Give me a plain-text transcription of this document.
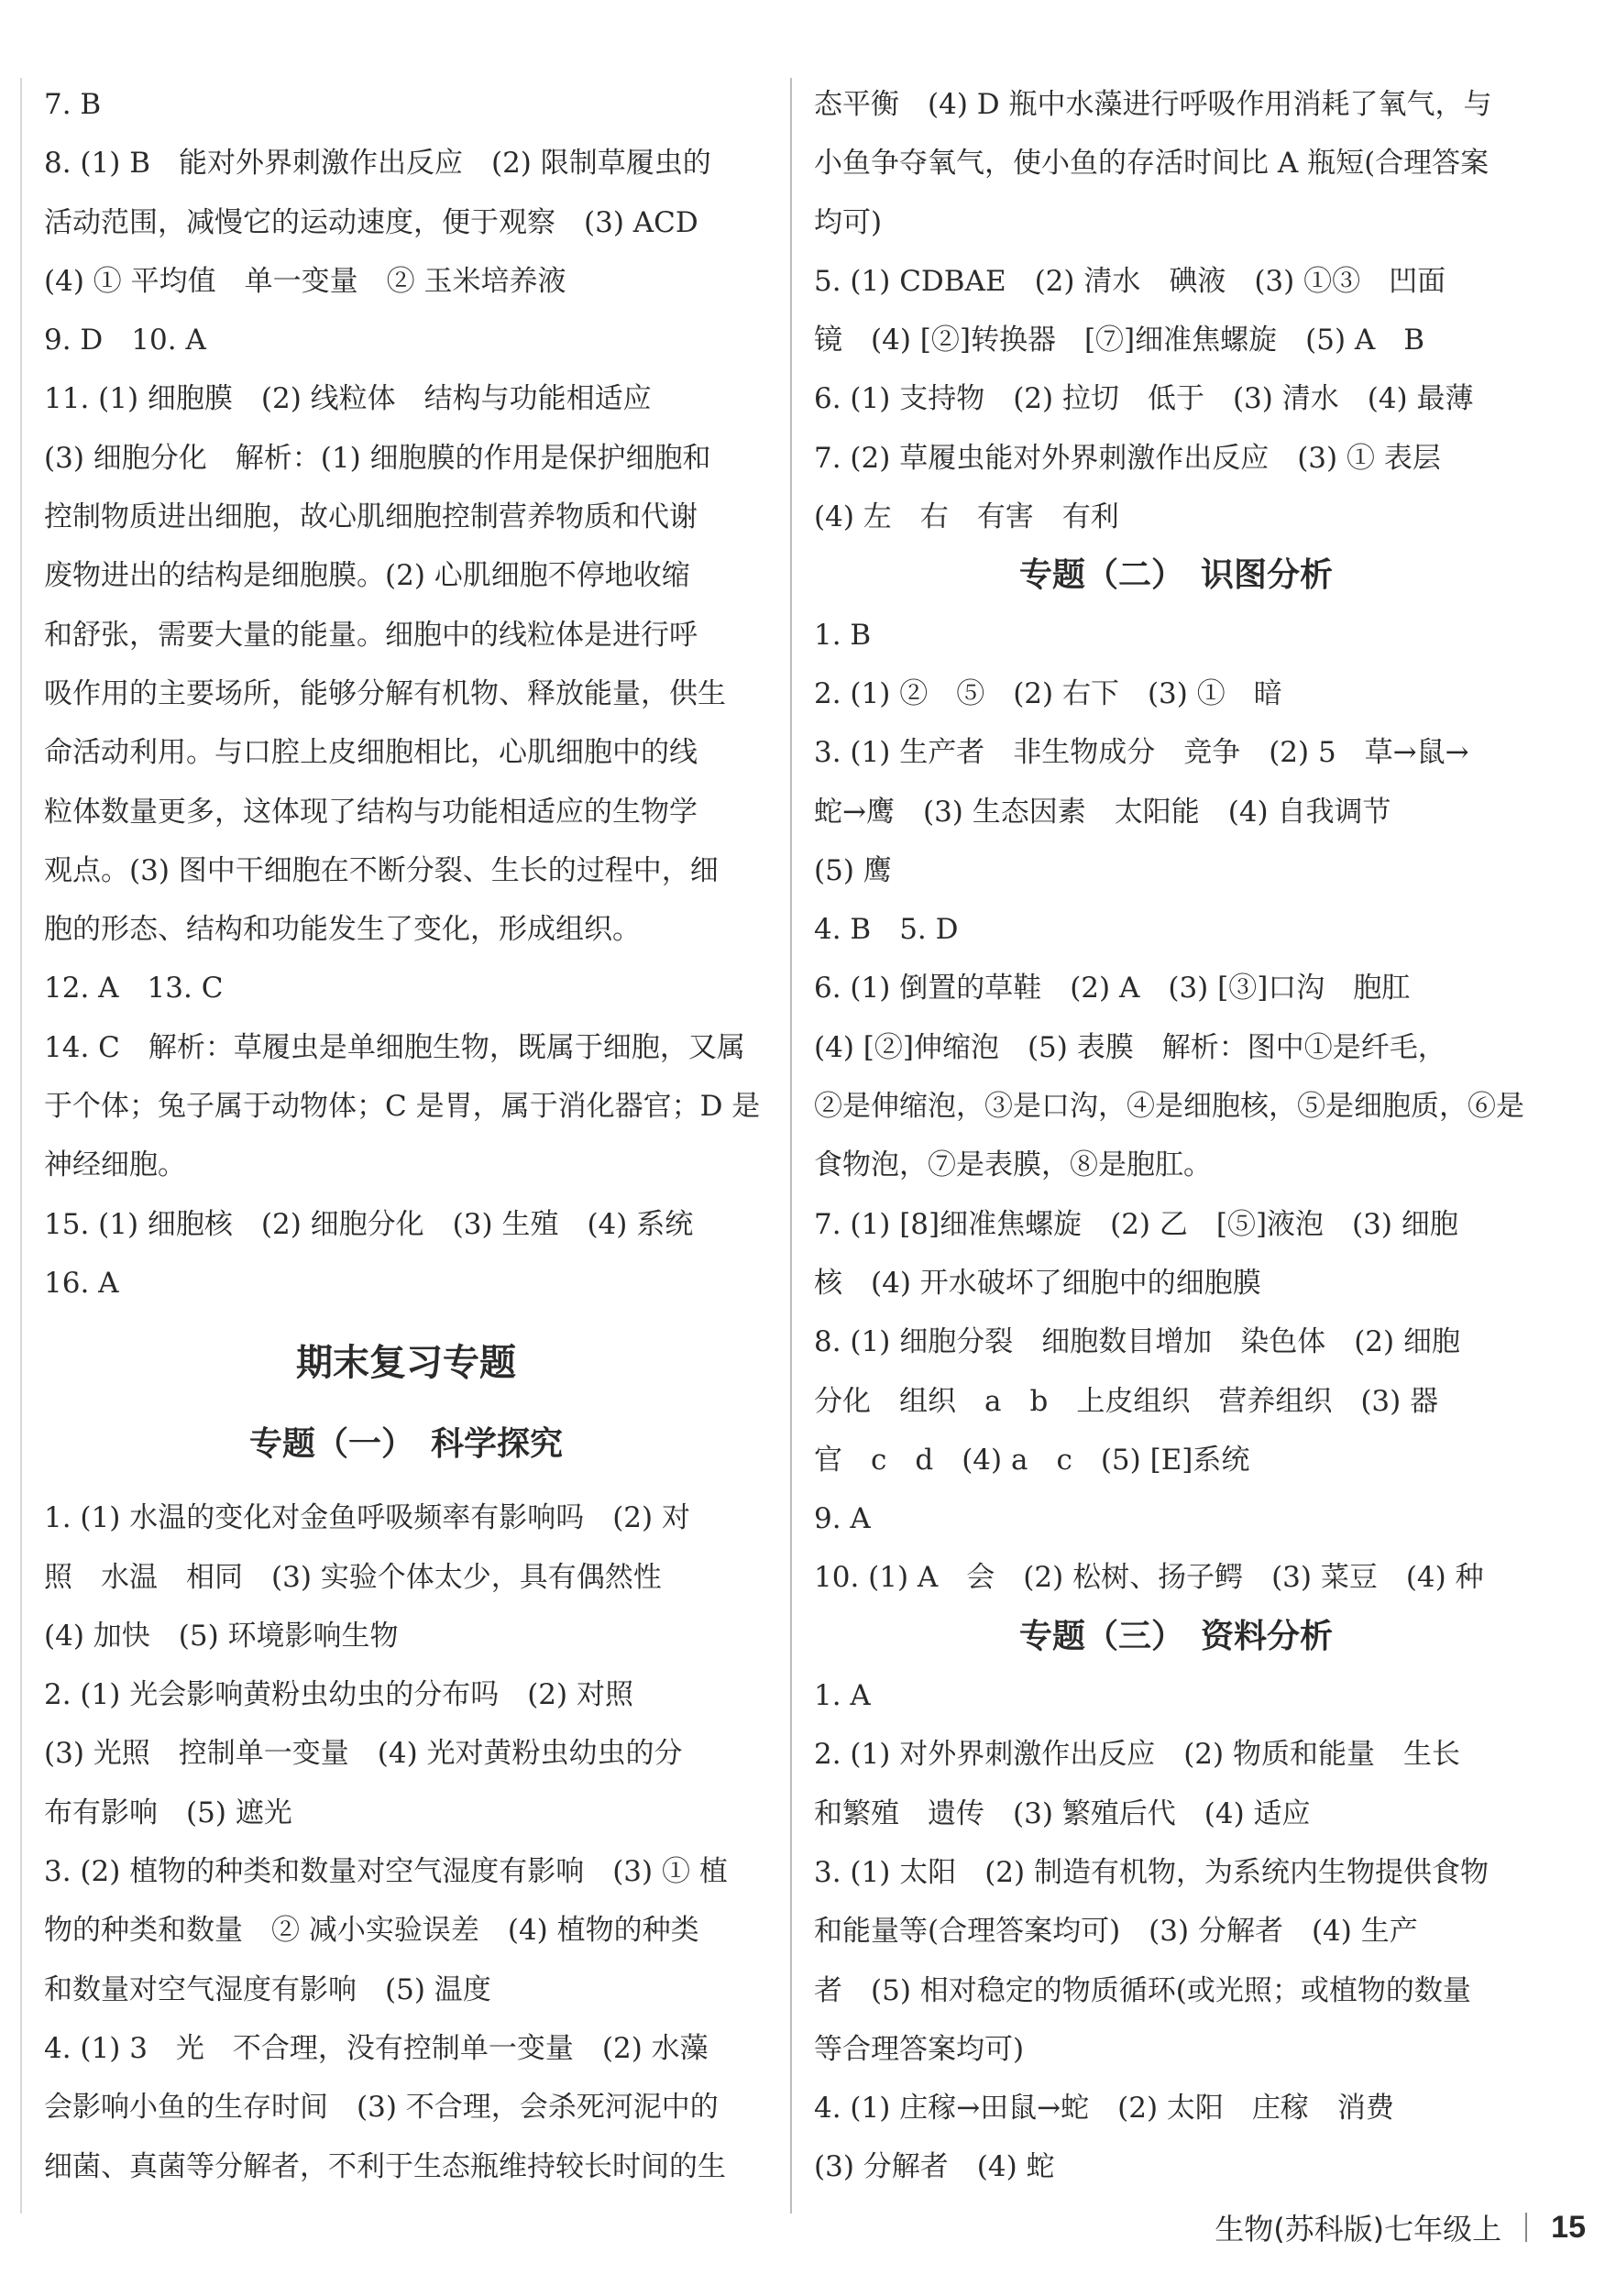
7. B
8. (1) B　能对外界刺激作出反应　(2) 限制草履虫的
活动范围，减慢它的运动速度，便于观察　(3) ACD
(4) ① 平均值　单一变量　② 玉米培养液
9. D　10. A
11. (1) 细胞膜　(2) 线粒体　结构与功能相适应
(3) 细胞分化　解析：(1) 细胞膜的作用是保护细胞和
控制物质进出细胞，故心肌细胞控制营养物质和代谢
废物进出的结构是细胞膜。(2) 心肌细胞不停地收缩
和舒张，需要大量的能量。细胞中的线粒体是进行呼
吸作用的主要场所，能够分解有机物、释放能量，供生
命活动利用。与口腔上皮细胞相比，心肌细胞中的线
粒体数量更多，这体现了结构与功能相适应的生物学
观点。(3) 图中干细胞在不断分裂、生长的过程中，细
胞的形态、结构和功能发生了变化，形成组织。
12. A　13. C
14. C　解析：草履虫是单细胞生物，既属于细胞，又属
于个体；兔子属于动物体；C 是胃，属于消化器官；D 是
神经细胞。
15. (1) 细胞核　(2) 细胞分化　(3) 生殖　(4) 系统
16. A
期末复习专题
专题（一）　科学探究
1. (1) 水温的变化对金鱼呼吸频率有影响吗　(2) 对
照　水温　相同　(3) 实验个体太少，具有偶然性
(4) 加快　(5) 环境影响生物
2. (1) 光会影响黄粉虫幼虫的分布吗　(2) 对照
(3) 光照　控制单一变量　(4) 光对黄粉虫幼虫的分
布有影响　(5) 遮光
3. (2) 植物的种类和数量对空气湿度有影响　(3) ① 植
物的种类和数量　② 减小实验误差　(4) 植物的种类
和数量对空气湿度有影响　(5) 温度
4. (1) 3　光　不合理，没有控制单一变量　(2) 水藻
会影响小鱼的生存时间　(3) 不合理，会杀死河泥中的
细菌、真菌等分解者，不利于生态瓶维持较长时间的生
态平衡　(4) D 瓶中水藻进行呼吸作用消耗了氧气，与
小鱼争夺氧气，使小鱼的存活时间比 A 瓶短(合理答案
均可)
5. (1) CDBAE　(2) 清水　碘液　(3) ①③　凹面
镜　(4) [②]转换器　[⑦]细准焦螺旋　(5) A　B
6. (1) 支持物　(2) 拉切　低于　(3) 清水　(4) 最薄
7. (2) 草履虫能对外界刺激作出反应　(3) ① 表层
(4) 左　右　有害　有利
专题（二）　识图分析
1. B
2. (1) ②　⑤　(2) 右下　(3) ①　暗
3. (1) 生产者　非生物成分　竞争　(2) 5　草→鼠→
蛇→鹰　(3) 生态因素　太阳能　(4) 自我调节
(5) 鹰
4. B　5. D
6. (1) 倒置的草鞋　(2) A　(3) [③]口沟　胞肛
(4) [②]伸缩泡　(5) 表膜　解析：图中①是纤毛，
②是伸缩泡，③是口沟，④是细胞核，⑤是细胞质，⑥是
食物泡，⑦是表膜，⑧是胞肛。
7. (1) [8]细准焦螺旋　(2) 乙　[⑤]液泡　(3) 细胞
核　(4) 开水破坏了细胞中的细胞膜
8. (1) 细胞分裂　细胞数目增加　染色体　(2) 细胞
分化　组织　a　b　上皮组织　营养组织　(3) 器
官　c　d　(4) a　c　(5) [E]系统
9. A
10. (1) A　会　(2) 松树、扬子鳄　(3) 菜豆　(4) 种
专题（三）　资料分析
1. A
2. (1) 对外界刺激作出反应　(2) 物质和能量　生长
和繁殖　遗传　(3) 繁殖后代　(4) 适应
3. (1) 太阳　(2) 制造有机物，为系统内生物提供食物
和能量等(合理答案均可)　(3) 分解者　(4) 生产
者　(5) 相对稳定的物质循环(或光照；或植物的数量
等合理答案均可)
4. (1) 庄稼→田鼠→蛇　(2) 太阳　庄稼　消费
(3) 分解者　(4) 蛇
生物(苏科版)七年级上 15
